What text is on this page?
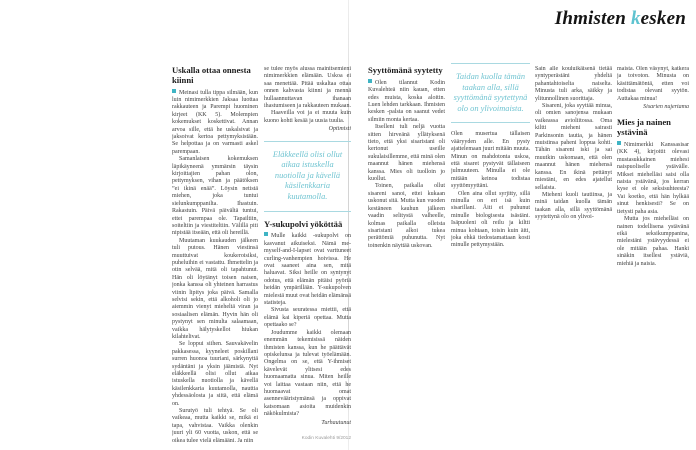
Ihmisten kesken
Uskalla ottaa onnesta kiinni

Meinasi tulla tippa silmään, kun luin nimimerkkien Jaksaa luottaa rakkauteen ja Parempi huominen kirjeet (KK 5). Molempien kokemukset koskettivat. Annan arvoa sille, että he uskalsivat ja jaksoivat kertoa pettymyksistään. Se helpottaa ja on varmasti askel parempaan.

Samanlaisen kokemuksen läpikäyneenä ymmärsin täysin kirjoittajien pahan olon, pettymyksen, vihan ja päätöksen ”ei ikinä enää”. Löysin netistä miehen, joka tuntui sielunkumppanilta. Ihastuin. Rakastuin. Päivä päivältä tuntui, ettei parempaa ole. Tapailtiin, soiteltiin ja viestiteltiin. Välillä piti nipistää itseään, että oli hereillä.

Muutaman kuukauden jälkeen tuli putous. Hänen viestinsä muuttuivat koukeroisiksi, puheluihin ei vastattu. Ihmettelin ja otin selvää, mitä oli tapahtunut. Hän oli löytänyt toisen naisen, jonka kanssa oli yhteinen harrastus viinin lipitys joka päivä. Samalla selvisi sekin, että alkoholi oli jo aiemmin vienyt mieheltä viran ja sosiaalisen elämän. Hyvin hän oli pystynyt sen minulta salaamaan, vaikka hälytyskellot hiukan kilahtelivat.

Se loppui siihen. Sauvakävelin pakkasessa, kyyneleet poskillani surren huonoa tuuriani, särkynyttä sydäntäni ja yksin jäämistä. Nyt eläkkeellä olisi ollut aikaa istuskella nuotiolla ja kävellä käsilenkkaria kuutamolla, nauttia yhdessäolosta ja siitä, että elämä on.

Surutyö tuli tehtyä. Se oli vaikeaa, mutta kaikki se, mikä ei tapa, vahvistaa. Vaikka olenkin juuri yli 60 vuotta, uskon, että se oikea tulee vielä elämääni. Ja niin

se tulee myös alussa mainitsemieni nimimerkkien elämään. Uskoa ei saa menettää. Pitää uskaltaa ottaa onnen kahvasta kiinni ja mennä hullaannuttavan ihanaan ihastumiseen ja rakkauteen mukaan.

Haaveilla voi ja ei muuta kuin kuono kohti kesää ja uusia tuulia.

Optimisti
Eläkkeellä olisi ollut aikaa istuskella nuotiolla ja kävellä käsilenkkaria kuutamolla.
Y-sukupolvi yököttää

Mulle kaikki -sukupolvi on kasvanut aikuiseksi. Nämä me-myself-and-I-lapset ovat varttuneet curling-vanhempien hoivissa. He ovat saaneet aina sen, mitä haluavat. Siksi heille on syntynyt odotus, että elämän pitäisi pyöriä heidän ympärillään. Y-sukupolven mielestä muut ovat heidän elämänsä statisteja.

Sivusta seuratessa miettii, että elämä kai kiperiä opettaa. Mutta opettaako se?

Joudumme kaikki olemaan enemmän tekemisissä näiden ihmisten kanssa, kun he päättävät opiskelunsa ja tulevat työelämään. Ongelma on se, että Y-ihmiset kävelevät ylitsesi edes huomaamatta sinua. Miten heille voi laittaa vastaan niin, että he huomaavat omat asennevääristymänsä ja oppivat katsomaan asioita muidenkin näkökulmista?

Turhautunut
Kodin Kuvalehti 9/2012
Syyttömänä syytetty

Olen tilannut Kodin Kuvalehteä niin kauan, etten edes muista, koska aloitin. Luen lehden tarkkaan. Ihmisten kesken -palsta on saanut vedet silmiin monta kertaa.

Itselleni tuli neljä vuotta sitten hirveänä yllätyksenä tieto, että yksi sisaristani oli kertonut useille sukulaisillemme, että minä olen maannut hänen miehensä kanssa. Mies oli tuolloin jo kuollut.

Toinen, paikalla ollut sisareni sanoi, ettei kukaan uskonut sitä. Mutta kun vuoden kestäneen kauhun jälkeen vaadin selitystä valheelle, kolmas paikalla olleista sisaristani alkoi tukea perättömiä puhunutta. Nyt toinenkin näyttää uskovan.

Taidan kuolla tämän taakan alla, sillä syyttömänä syytettynä olo on ylivoimaista.

Olen musertua tällaisen vääryyden alle. En pysty ajattelemaan juuri mitään muuta. Minun on mahdotonta uskoa, että sisaret pystyvät tällaiseen julmuuteen. Minulla ei ole mitään keinoa todistaa syyttömyyttäni.

Olen aina ollut syrjitty, sillä minulla on eri isä kuin sisarillani. Äiti ei puhunut minulle biologisesta isästäni. Isäpuoleni oli reilu ja kiltti minua kohtaan, toisin kuin äiti, joka ehkä tiedostamattaan kosti minulle pettymystään.

Sain alle kouluikäisenä tietää syntyperästäni yhdeltä pahantahtoiselta naiselta. Minusta tuli arka, säikky ja ylitunnollinen suorittaja.

Sisareni, joka syyttää minua, oli omien sanojensa mukaan vaikeassa avioliitossa. Oma kiltti mieheni sairasti Parkinsonin tautia, ja hänen muistinsa paheni loppua kohti. Tähän sisareni iski ja sai muutkin uskomaan, että olen maannut hänen miehensä kanssa. En ikinä pettänyt miestäni, en edes ajatellut sellaista.

Mieheni kuoli tautiinsa, ja minä taidan kuolla tämän taakan alla, sillä syyttömänä syytettynä olo on ylivoi-

maista. Olen väsynyt, katkera ja toivoton. Minusta on käsittämätöntä, etten voi todistaa olevani syytön. Auttakaa minua!

Sisarien nujertama
Mies ja nainen ystävinä

Nimimerkki Kanssasisar (KK 4), kirjoitit olevasi mustasukkainen miehesi naispuoliselle ystävälle. Miksei miehelläsi saisi olla naista ystävänä, jos kerran kyse ei ole seksisuhteesta? Vai koetko, että hän hylkää sinut henkisesti? Se on tietysti paha asia.

Mutta jos miehelläsi on nainen todellisena ystävänä eikä seksikumppanina, mielestäni ystävyydessä ei ole mitään pahaa. Hanki sinäkin itsellesi ystäviä, miehiä ja naisia.
